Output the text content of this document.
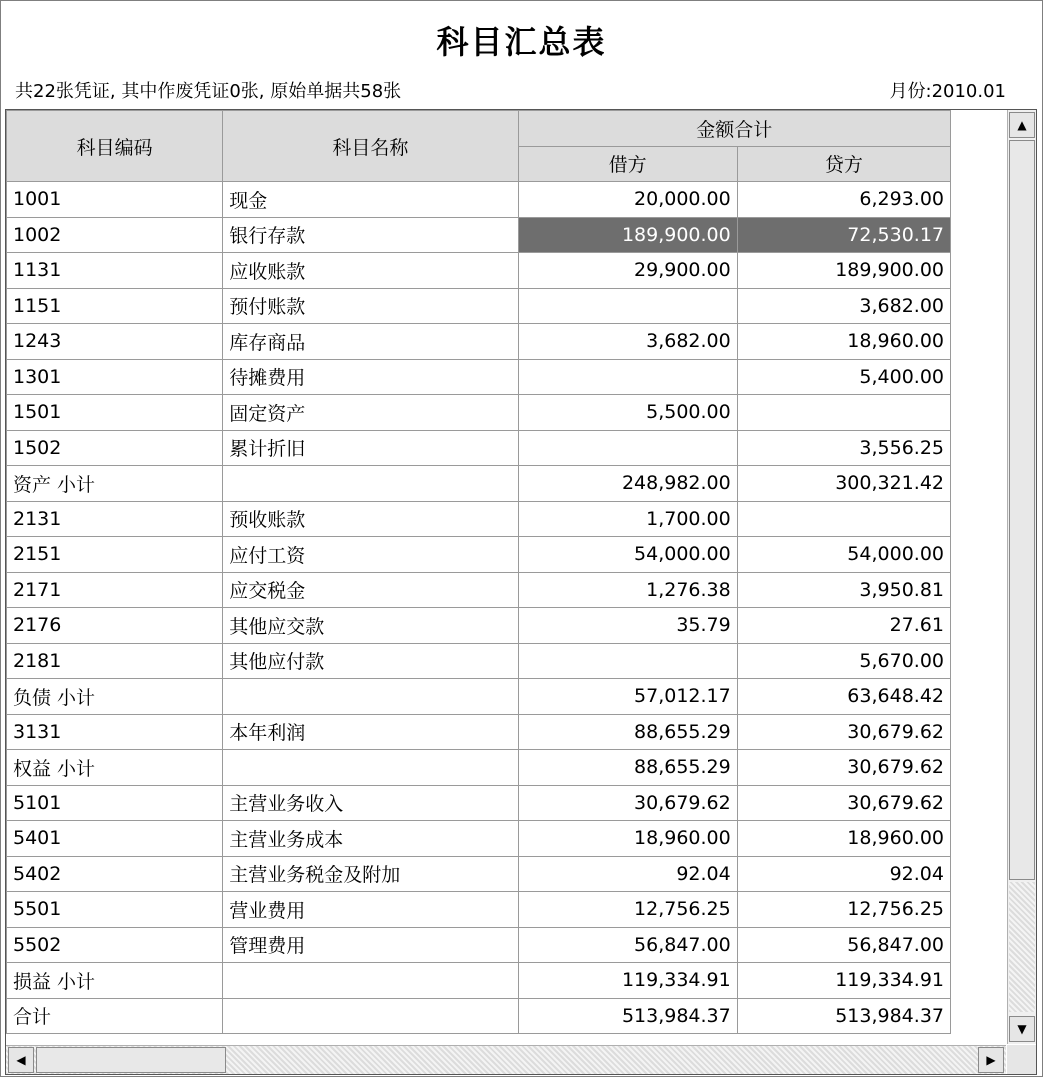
科目汇总表
共22张凭证, 其中作废凭证0张, 原始单据共58张	月份:2010.01
科目编码	科目名称	金额合计	
		借方	贷方
1001	现金	20,000.00	6,293.00
1002	银行存款	189,900.00	72,530.17
1131	应收账款	29,900.00	189,900.00
1151	预付账款		3,682.00
1243	库存商品	3,682.00	18,960.00
1301	待摊费用		5,400.00
1501	固定资产	5,500.00	
1502	累计折旧		3,556.25
资产 小计		248,982.00	300,321.42
2131	预收账款	1,700.00	
2151	应付工资	54,000.00	54,000.00
2171	应交税金	1,276.38	3,950.81
2176	其他应交款	35.79	27.61
2181	其他应付款		5,670.00
负债 小计		57,012.17	63,648.42
3131	本年利润	88,655.29	30,679.62
权益 小计		88,655.29	30,679.62
5101	主营业务收入	30,679.62	30,679.62
5401	主营业务成本	18,960.00	18,960.00
5402	主营业务税金及附加	92.04	92.04
5501	营业费用	12,756.25	12,756.25
5502	管理费用	56,847.00	56,847.00
损益 小计		119,334.91	119,334.91
合计		513,984.37	513,984.37
▲
▼
◀	▶
